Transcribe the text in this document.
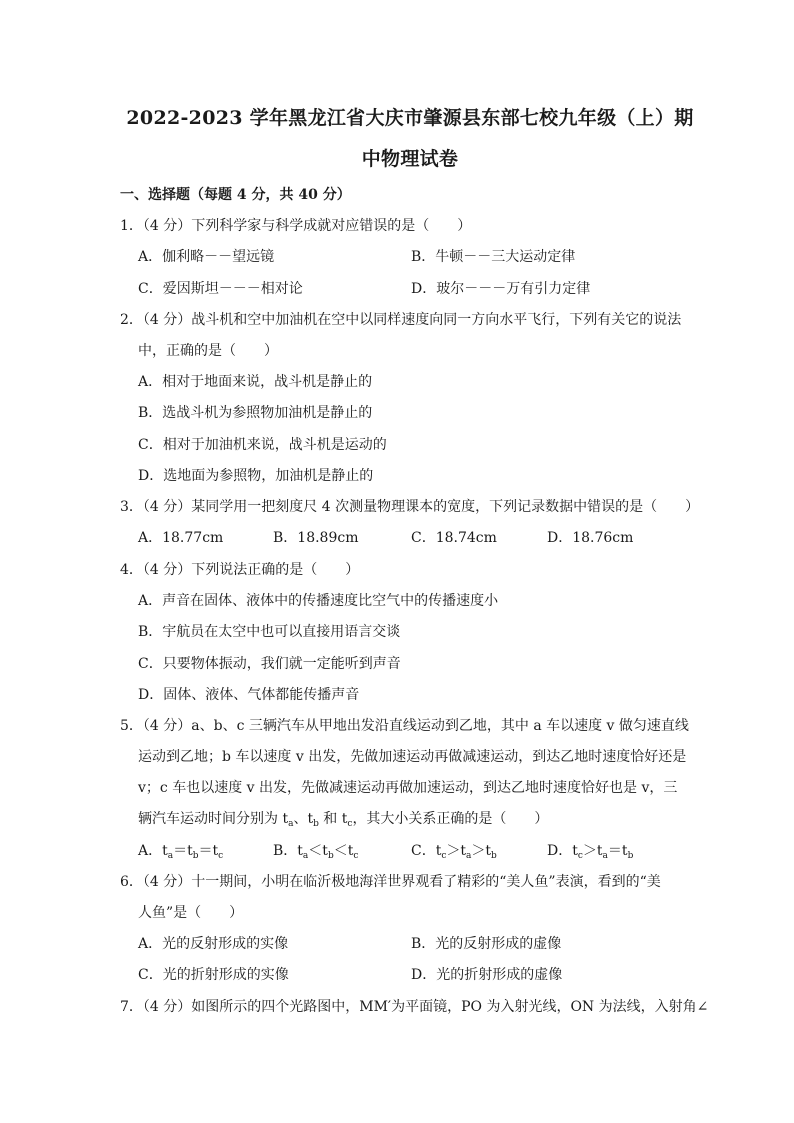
2022-2023 学年黑龙江省大庆市肇源县东部七校九年级（上）期
中物理试卷
一、选择题（每题 4 分，共 40 分）
1．（4 分）下列科学家与科学成就对应错误的是（　　）
A．伽利略－－望远镜	B．牛顿－－三大运动定律
C．爱因斯坦－－－相对论	D．玻尔－－－万有引力定律
2．（4 分）战斗机和空中加油机在空中以同样速度向同一方向水平飞行，下列有关它的说法
中，正确的是（　　）
A．相对于地面来说，战斗机是静止的
B．选战斗机为参照物加油机是静止的
C．相对于加油机来说，战斗机是运动的
D．选地面为参照物，加油机是静止的
3．（4 分）某同学用一把刻度尺 4 次测量物理课本的宽度，下列记录数据中错误的是（　　）
A．18.77cm	B．18.89cm	C．18.74cm	D．18.76cm
4．（4 分）下列说法正确的是（　　）
A．声音在固体、液体中的传播速度比空气中的传播速度小
B．宇航员在太空中也可以直接用语言交谈
C．只要物体振动，我们就一定能听到声音
D．固体、液体、气体都能传播声音
5．（4 分）a、b、c 三辆汽车从甲地出发沿直线运动到乙地，其中 a 车以速度 v 做匀速直线
运动到乙地；b 车以速度 v 出发，先做加速运动再做减速运动，到达乙地时速度恰好还是
v；c 车也以速度 v 出发，先做减速运动再做加速运动，到达乙地时速度恰好也是 v，三
辆汽车运动时间分别为 $t_a$、$t_b$ 和 $t_c$，其大小关系正确的是（　　）
A．$t_a=t_b=t_c$	B．$t_a<t_b<t_c$	C．$t_c>t_a>t_b$	D．$t_c>t_a=t_b$
6．（4 分）十一期间，小明在临沂极地海洋世界观看了精彩的“美人鱼”表演，看到的“美
人鱼”是（　　）
A．光的反射形成的实像	B．光的反射形成的虚像
C．光的折射形成的实像	D．光的折射形成的虚像
7．（4 分）如图所示的四个光路图中，MM′为平面镜，PO 为入射光线，ON 为法线，入射角∠
